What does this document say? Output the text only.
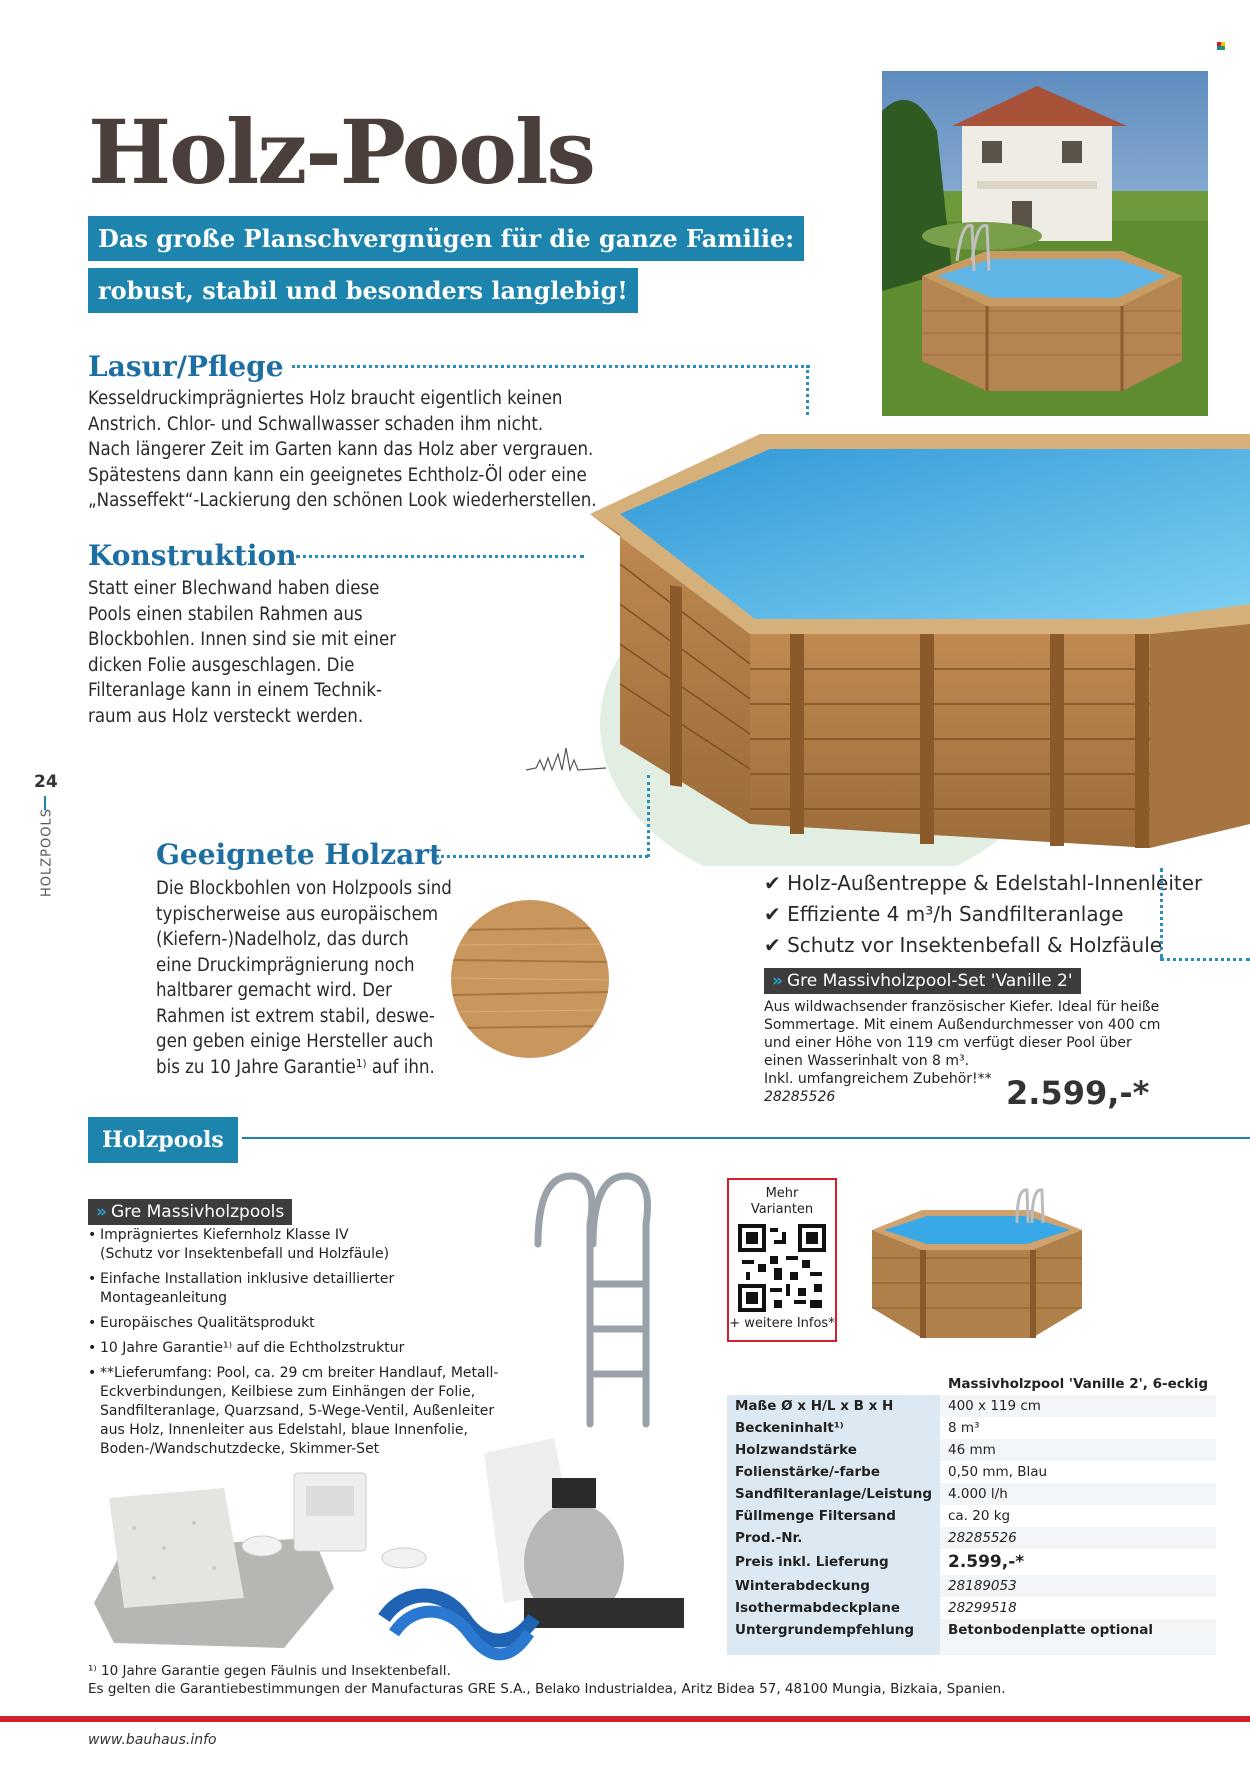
Holz-Pools
Das große Planschvergnügen für die ganze Familie:
robust, stabil und besonders langlebig!
Lasur/Pflege
Kesseldruckimprägniertes Holz braucht eigentlich keinen
Anstrich. Chlor- und Schwallwasser schaden ihm nicht.
Nach längerer Zeit im Garten kann das Holz aber vergrauen.
Spätestens dann kann ein geeignetes Echtholz-Öl oder eine
„Nasseffekt“-Lackierung den schönen Look wiederherstellen.
Konstruktion
Statt einer Blechwand haben diese
Pools einen stabilen Rahmen aus
Blockbohlen. Innen sind sie mit einer
dicken Folie ausgeschlagen. Die
Filteranlage kann in einem Technik-
raum aus Holz versteckt werden.
24
HOLZPOOLS	Geeignete Holzart
Die Blockbohlen von Holzpools sind
typischerweise aus europäischem
(Kiefern-)Nadelholz, das durch
eine Druckimprägnierung noch
haltbarer gemacht wird. Der
Rahmen ist extrem stabil, deswe-
gen geben einige Hersteller auch
bis zu 10 Jahre Garantie¹⁾ auf ihn.
✔ Holz-Außentreppe & Edelstahl-Innenleiter
✔ Effiziente 4 m³/h Sandfilteranlage
✔ Schutz vor Insektenbefall & Holzfäule
» Gre Massivholzpool-Set 'Vanille 2'
Aus wildwachsender französischer Kiefer. Ideal für heiße
Sommertage. Mit einem Außendurchmesser von 400 cm
und einer Höhe von 119 cm verfügt dieser Pool über
einen Wasserinhalt von 8 m³.
Inkl. umfangreichem Zubehör!**
28285526	2.599,-*
Holzpools
» Gre Massivholzpools
• Imprägniertes Kiefernholz Klasse IV
(Schutz vor Insektenbefall und Holzfäule)
• Einfache Installation inklusive detaillierter
Montageanleitung
• Europäisches Qualitätsprodukt
• 10 Jahre Garantie¹⁾ auf die Echtholzstruktur
• **Lieferumfang: Pool, ca. 29 cm breiter Handlauf, Metall-
Eckverbindungen, Keilbiese zum Einhängen der Folie,
Sandfilteranlage, Quarzsand, 5-Wege-Ventil, Außenleiter
aus Holz, Innenleiter aus Edelstahl, blaue Innenfolie,
Boden-/Wandschutzdecke, Skimmer-Set
Mehr
Varianten
+ weitere Infos*
	Massivholzpool 'Vanille 2', 6-eckig
Maße Ø x H/L x B x H	400 x 119 cm
Beckeninhalt¹⁾	8 m³
Holzwandstärke	46 mm
Folienstärke/-farbe	0,50 mm, Blau
Sandfilteranlage/Leistung	4.000 l/h
Füllmenge Filtersand	ca. 20 kg
Prod.-Nr.	28285526
Preis inkl. Lieferung	2.599,-*
Winterabdeckung	28189053
Isothermabdeckplane	28299518
Untergrundempfehlung	Betonbodenplatte optional
¹⁾ 10 Jahre Garantie gegen Fäulnis und Insektenbefall.
Es gelten die Garantiebestimmungen der Manufacturas GRE S.A., Belako Industrialdea, Aritz Bidea 57, 48100 Mungia, Bizkaia, Spanien.
www.bauhaus.info
